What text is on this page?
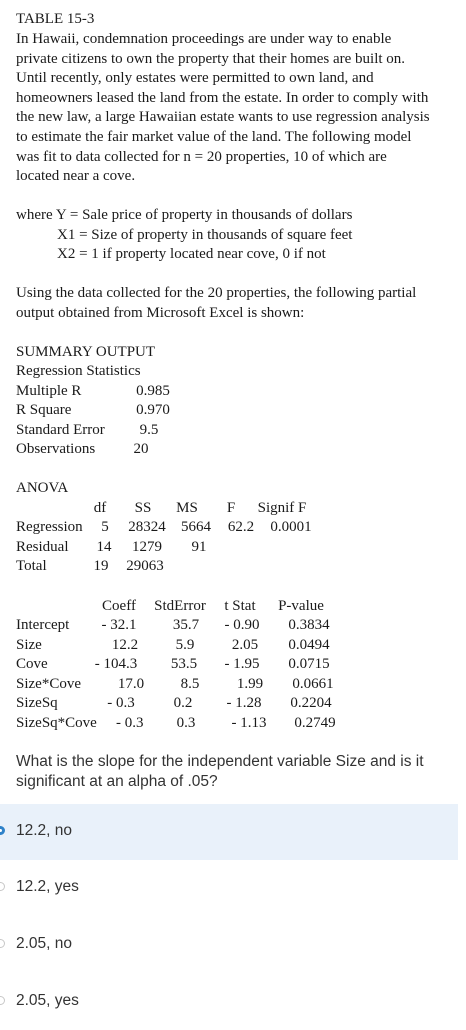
TABLE 15-3
In Hawaii, condemnation proceedings are under way to enable
private citizens to own the property that their homes are built on.
Until recently, only estates were permitted to own land, and
homeowners leased the land from the estate. In order to comply with
the new law, a large Hawaiian estate wants to use regression analysis
to estimate the fair market value of the land. The following model
was fit to data collected for n = 20 properties, 10 of which are
located near a cove.
where Y = Sale price of property in thousands of dollars
X1 = Size of property in thousands of square feet
X2 = 1 if property located near cove, 0 if not
Using the data collected for the 20 properties, the following partial
output obtained from Microsoft Excel is shown:
SUMMARY OUTPUT
Regression Statistics
Multiple R	0.985
R Square	0.970
Standard Error 9.5
Observations	20
ANOVA
df SS MS F Signif F
Regression 5 28324 5664 62.2 0.0001
Residual 14 1279 91
Total	19 29063
Coeff StdError t Stat P-value
Intercept - 32.1 35.7 - 0.90 0.3834
Size	12.2	5.9	2.05 0.0494
Cove	- 104.3 53.5 - 1.95 0.0715
Size*Cove 17.0 8.5	1.99 0.0661
SizeSq	- 0.3	0.2 - 1.28 0.2204
SizeSq*Cove - 0.3 0.3 - 1.13 0.2749
What is the slope for the independent variable Size and is it significant at an alpha of .05?
12.2, no
12.2, yes
2.05, no
2.05, yes
